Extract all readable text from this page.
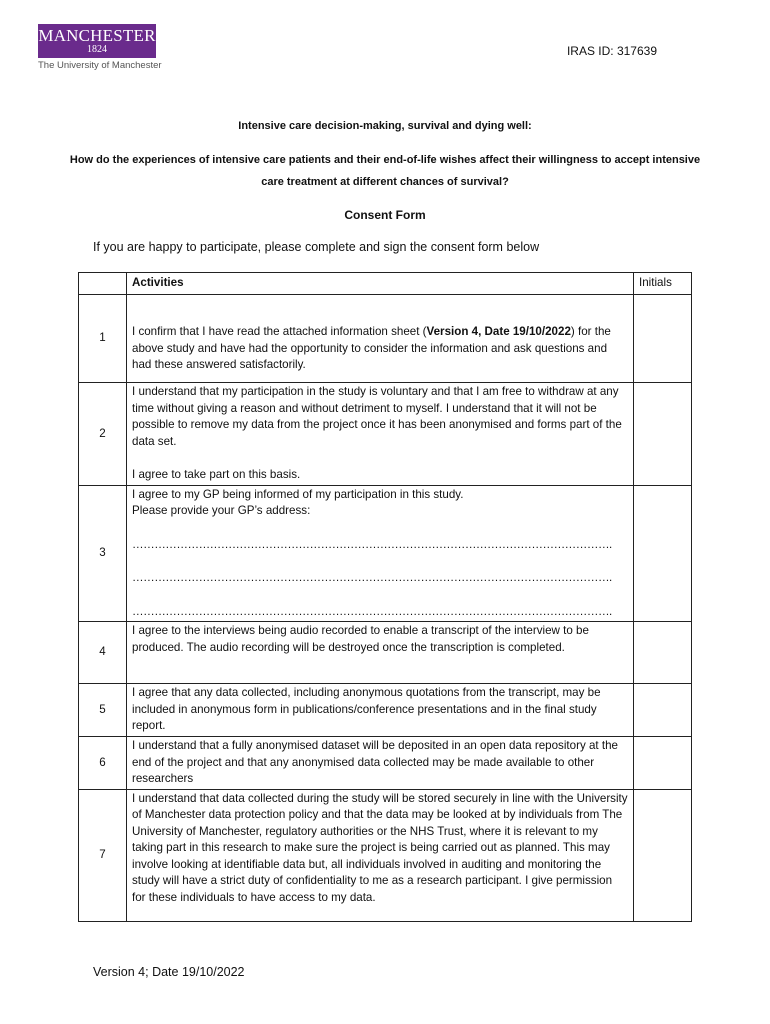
MANCHESTER
1824
The University of Manchester
IRAS ID: 317639
Intensive care decision-making, survival and dying well:
How do the experiences of intensive care patients and their end-of-life wishes affect their willingness to accept intensive care treatment at different chances of survival?
Consent Form
If you are happy to participate, please complete and sign the consent form below
	Activities	Initials
1	I confirm that I have read the attached information sheet (Version 4, Date 19/10/2022) for the above study and have had the opportunity to consider the information and ask questions and had these answered satisfactorily.	
2	I understand that my participation in the study is voluntary and that I am free to withdraw at any time without giving a reason and without detriment to myself. I understand that it will not be possible to remove my data from the project once it has been anonymised and forms part of the data set.
I agree to take part on this basis.	

3	I agree to my GP being informed of my participation in this study.
Please provide your GP’s address:
………………………………………………………………………………………………………………….
………………………………………………………………………………………………………………….
………………………………………………………………………………………………………………….	

4	I agree to the interviews being audio recorded to enable a transcript of the interview to be produced. The audio recording will be destroyed once the transcription is completed.	
5	I agree that any data collected, including anonymous quotations from the transcript, may be included in anonymous form in publications/conference presentations and in the final study report.	
6	I understand that a fully anonymised dataset will be deposited in an open data repository at the end of the project and that any anonymised data collected may be made available to other researchers	
7	I understand that data collected during the study will be stored securely in line with the University of Manchester data protection policy and that the data may be looked at by individuals from The University of Manchester, regulatory authorities or the NHS Trust, where it is relevant to my taking part in this research to make sure the project is being carried out as planned. This may involve looking at identifiable data but, all individuals involved in auditing and monitoring the study will have a strict duty of confidentiality to me as a research participant. I give permission for these individuals to have access to my data.	
Version 4; Date 19/10/2022
